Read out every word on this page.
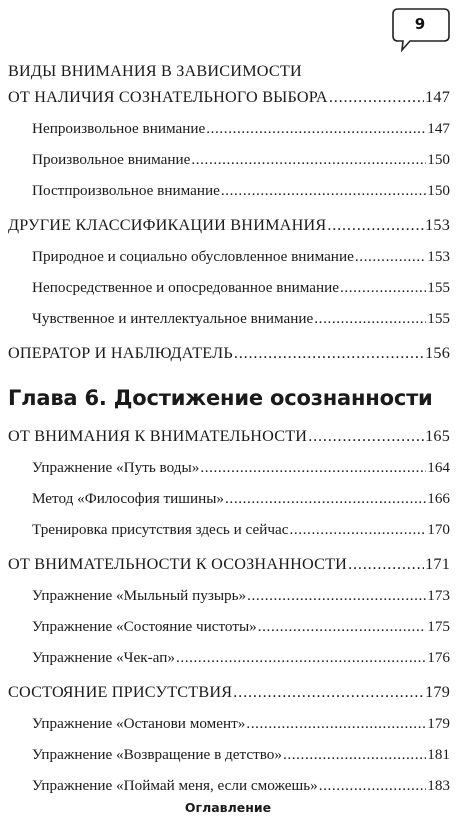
9
ВИДЫ ВНИМАНИЯ В ЗАВИСИМОСТИ
ОТ НАЛИЧИЯ СОЗНАТЕЛЬНОГО ВЫБОРА . . .	147
Непроизвольное внимание . . .	147
Произвольное внимание . . .	150
Постпроизвольное внимание . . .	150
ДРУГИЕ КЛАССИФИКАЦИИ ВНИМАНИЯ . . .	153
Природное и социально обусловленное внимание . . .	153
Непосредственное и опосредованное внимание . . .	155
Чувственное и интеллектуальное внимание . . .	155
ОПЕРАТОР И НАБЛЮДАТЕЛЬ . . .	156
Глава 6. Достижение осознанности
ОТ ВНИМАНИЯ К ВНИМАТЕЛЬНОСТИ . . .	165
Упражнение «Путь воды» . . .	164
Метод «Философия тишины» . . .	166
Тренировка присутствия здесь и сейчас . . .	170
ОТ ВНИМАТЕЛЬНОСТИ К ОСОЗНАННОСТИ . . .	171
Упражнение «Мыльный пузырь» . . .	173
Упражнение «Состояние чистоты» . . .	175
Упражнение «Чек-ап» . . .	176
СОСТОЯНИЕ ПРИСУТСТВИЯ . . .	179
Упражнение «Останови момент» . . .	179
Упражнение «Возвращение в детство» . . .	181
Упражнение «Поймай меня, если сможешь» . . .	183
Оглавление
